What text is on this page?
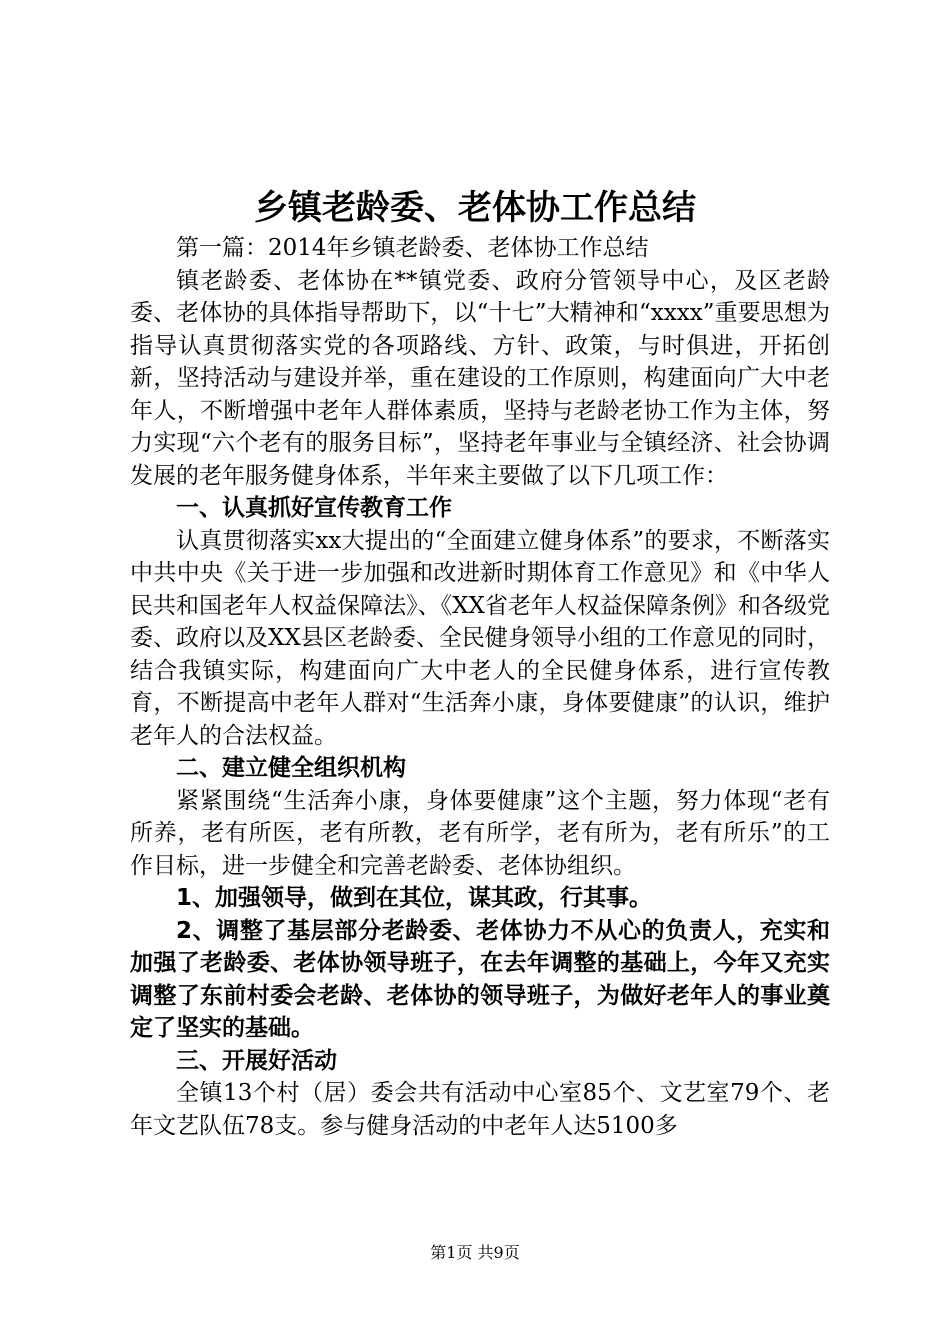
乡镇老龄委、老体协工作总结

第一篇：2014年乡镇老龄委、老体协工作总结

镇老龄委、老体协在**镇党委、政府分管领导中心，及区老龄委、老体协的具体指导帮助下，以“十七”大精神和“xxxx”重要思想为指导认真贯彻落实党的各项路线、方针、政策，与时俱进，开拓创新，坚持活动与建设并举，重在建设的工作原则，构建面向广大中老年人，不断增强中老年人群体素质，坚持与老龄老协工作为主体，努力实现“六个老有的服务目标”，坚持老年事业与全镇经济、社会协调发展的老年服务健身体系，半年来主要做了以下几项工作：

一、认真抓好宣传教育工作

认真贯彻落实xx大提出的“全面建立健身体系”的要求，不断落实中共中央《关于进一步加强和改进新时期体育工作意见》和《中华人民共和国老年人权益保障法》、《XX省老年人权益保障条例》和各级党委、政府以及XX县区老龄委、全民健身领导小组的工作意见的同时，结合我镇实际，构建面向广大中老人的全民健身体系，进行宣传教育，不断提高中老年人群对“生活奔小康，身体要健康”的认识，维护老年人的合法权益。

二、建立健全组织机构

紧紧围绕“生活奔小康，身体要健康”这个主题，努力体现“老有所养，老有所医，老有所教，老有所学，老有所为，老有所乐”的工作目标，进一步健全和完善老龄委、老体协组织。

1、加强领导，做到在其位，谋其政，行其事。

2、调整了基层部分老龄委、老体协力不从心的负责人，充实和加强了老龄委、老体协领导班子，在去年调整的基础上，今年又充实调整了东前村委会老龄、老体协的领导班子，为做好老年人的事业奠定了坚实的基础。

三、开展好活动

全镇13个村（居）委会共有活动中心室85个、文艺室79个、老年文艺队伍78支。参与健身活动的中老年人达5100多

第1页 共9页
